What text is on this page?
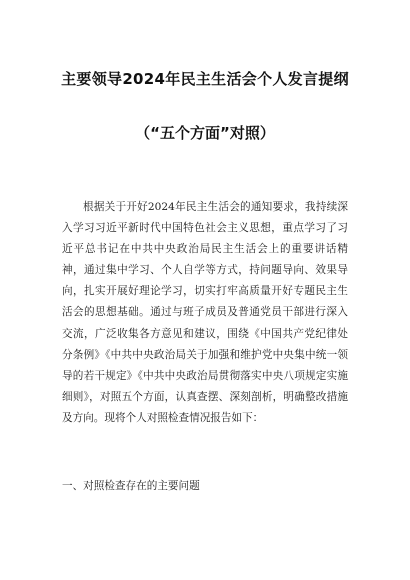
主要领导2024年民主生活会个人发言提纲
（“五个方面”对照）
根据关于开好2024年民主生活会的通知要求，我持续深入学习习近平新时代中国特色社会主义思想，重点学习了习近平总书记在中共中央政治局民主生活会上的重要讲话精神，通过集中学习、个人自学等方式，持问题导向、效果导向，扎实开展好理论学习，切实打牢高质量开好专题民主生活会的思想基础。通过与班子成员及普通党员干部进行深入交流，广泛收集各方意见和建议，围绕《中国共产党纪律处分条例》《中共中央政治局关于加强和维护党中央集中统一领导的若干规定》《中共中央政治局贯彻落实中央八项规定实施细则》，对照五个方面，认真查摆、深刻剖析，明确整改措施及方向。现将个人对照检查情况报告如下：
一、对照检查存在的主要问题
